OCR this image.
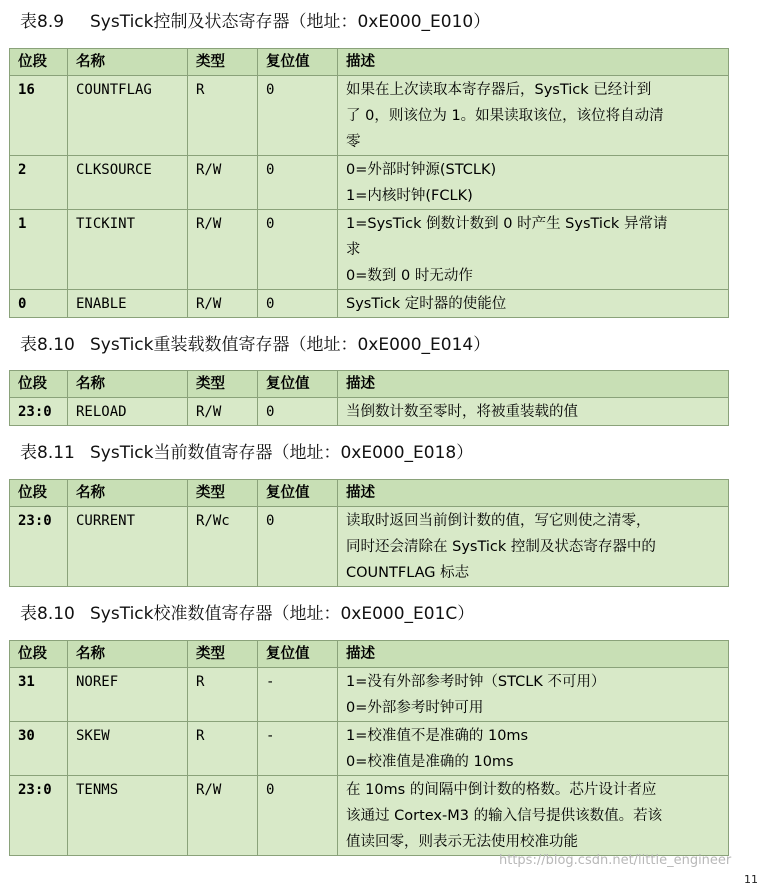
表8.9 SysTick控制及状态寄存器（地址：0xE000_E010）
位段	名称	类型	复位值	描述
16	COUNTFLAG	R	0	如果在上次读取本寄存器后，SysTick 已经计到
了 0，则该位为 1。如果读取该位，该位将自动清
零

2	CLKSOURCE	R/W	0	0=外部时钟源(STCLK)
1=内核时钟(FCLK)

1	TICKINT	R/W	0	1=SysTick 倒数计数到 0 时产生 SysTick 异常请
求
0=数到 0 时无动作

0	ENABLE	R/W	0	SysTick 定时器的使能位
表8.10 SysTick重装载数值寄存器（地址：0xE000_E014）
位段	名称	类型	复位值	描述
23:0	RELOAD	R/W	0	当倒数计数至零时，将被重装载的值
表8.11 SysTick当前数值寄存器（地址：0xE000_E018）
位段	名称	类型	复位值	描述
23:0	CURRENT	R/Wc	0	读取时返回当前倒计数的值，写它则使之清零，
同时还会清除在 SysTick 控制及状态寄存器中的
COUNTFLAG 标志
表8.10 SysTick校准数值寄存器（地址：0xE000_E01C）
位段	名称	类型	复位值	描述
31	NOREF	R	-	1=没有外部参考时钟（STCLK 不可用）
0=外部参考时钟可用

30	SKEW	R	-	1=校准值不是准确的 10ms
0=校准值是准确的 10ms

23:0	TENMS	R/W	0	在 10ms 的间隔中倒计数的格数。芯片设计者应
该通过 Cortex-M3 的输入信号提供该数值。若该
值读回零，则表示无法使用校准功能
https://blog.csdn.net/little_engineer
11
